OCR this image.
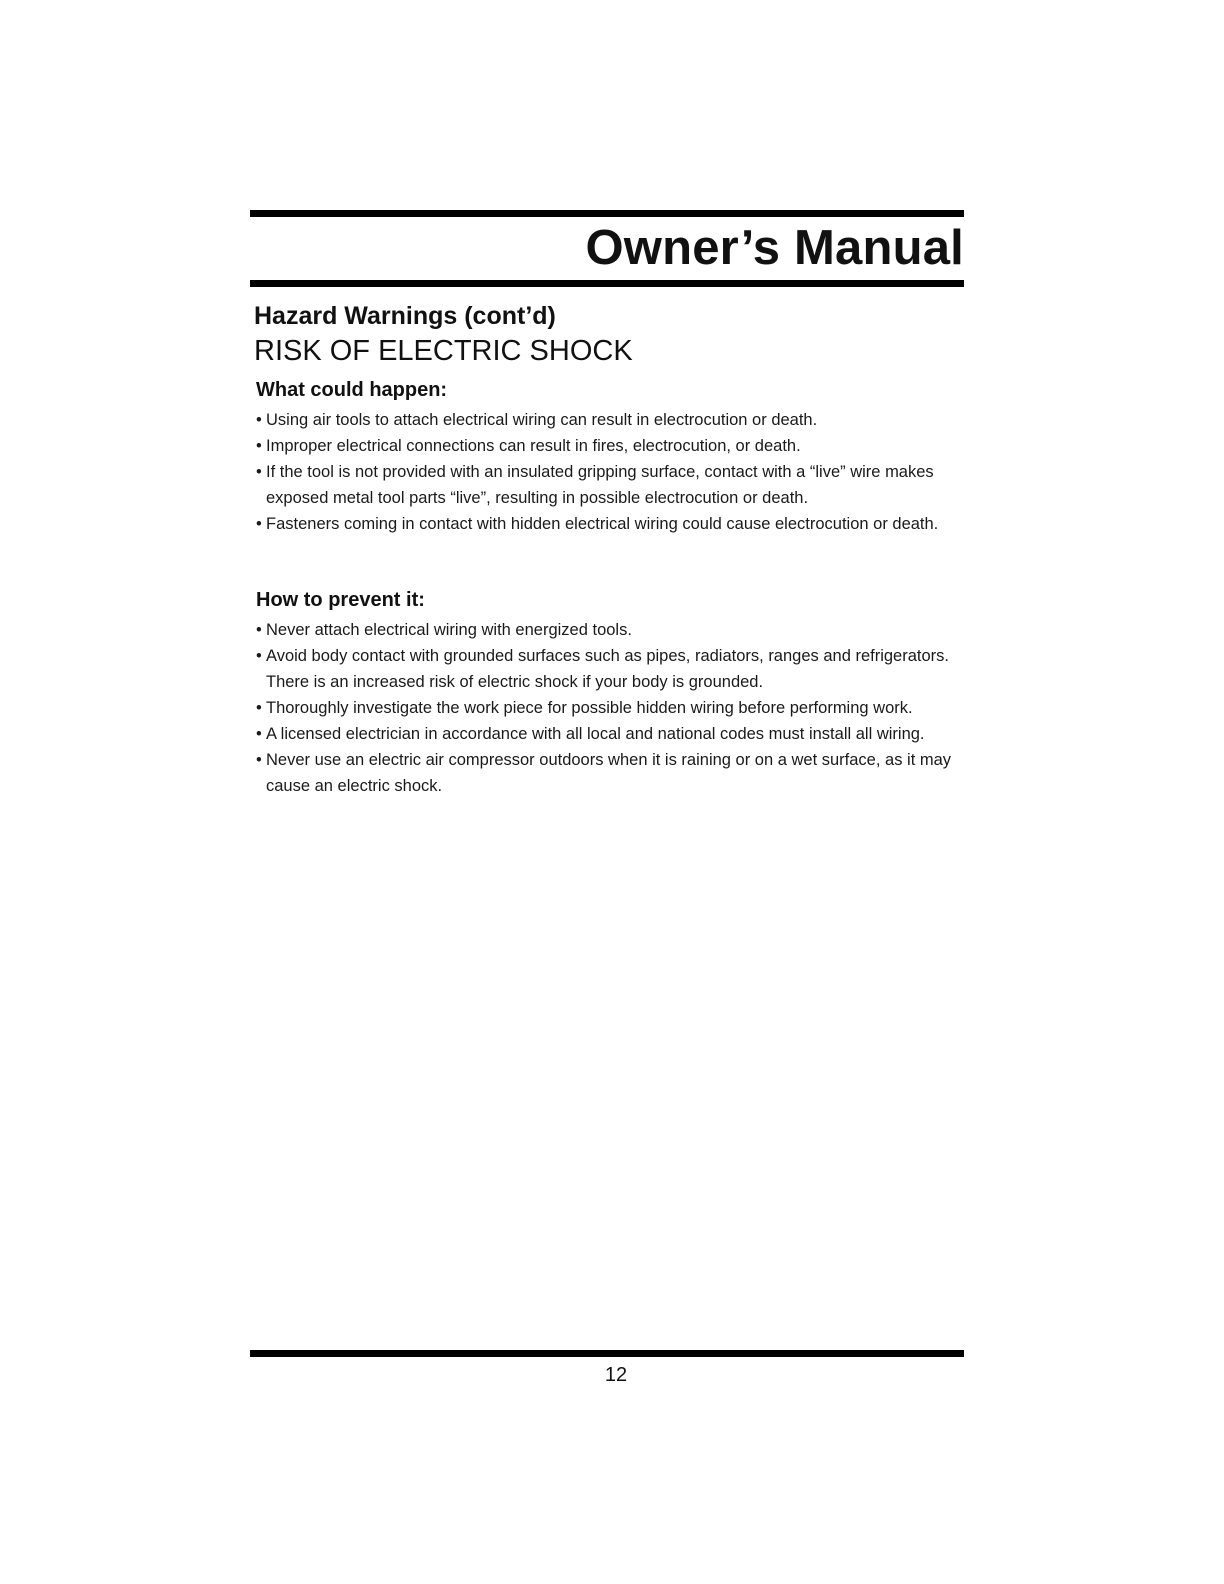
Owner’s Manual
Hazard Warnings (cont’d)
RISK OF ELECTRIC SHOCK
What could happen:
• Using air tools to attach electrical wiring can result in electrocution or death.
• Improper electrical connections can result in fires, electrocution, or death.
• If the tool is not provided with an insulated gripping surface, contact with a “live” wire makes exposed metal tool parts “live”, resulting in possible electrocution or death.
• Fasteners coming in contact with hidden electrical wiring could cause electrocution or death.
How to prevent it:
• Never attach electrical wiring with energized tools.
• Avoid body contact with grounded surfaces such as pipes, radiators, ranges and refrigerators. There is an increased risk of electric shock if your body is grounded.
• Thoroughly investigate the work piece for possible hidden wiring before performing work.
• A licensed electrician in accordance with all local and national codes must install all wiring.
• Never use an electric air compressor outdoors when it is raining or on a wet surface, as it may cause an electric shock.
12
